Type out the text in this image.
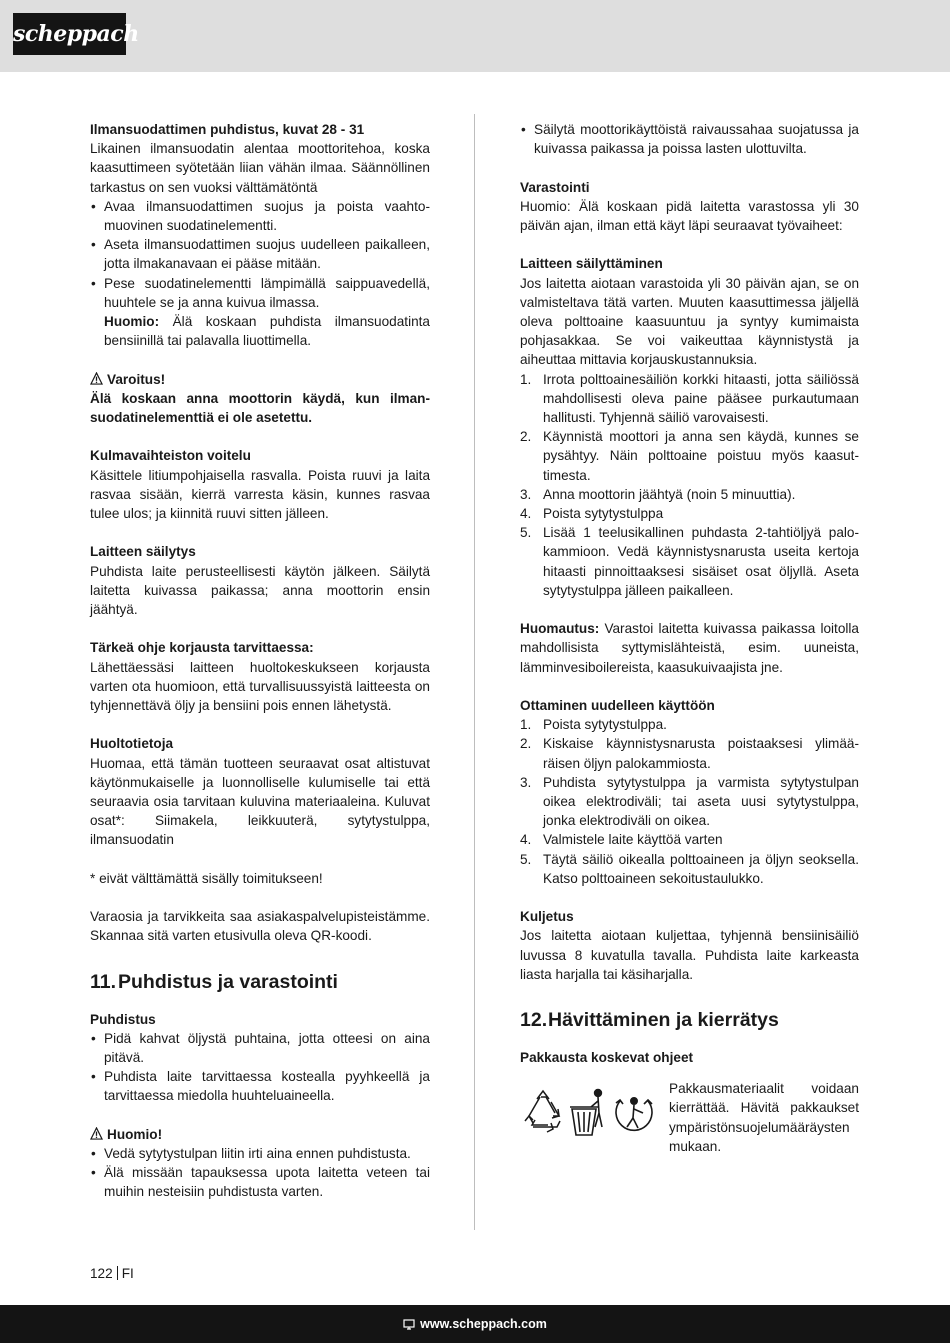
scheppach

Ilmansuodattimen puhdistus, kuvat 28 - 31

Likainen ilmansuodatin alentaa moottoritehoa, koska kaasuttimeen syötetään liian vähän ilmaa. Säännöllinen tarkastus on sen vuoksi välttämätöntä

• Avaa ilmansuodattimen suojus ja poista vaahtomuovinen suodatinelementti.
• Aseta ilmansuodattimen suojus uudelleen paikalleen, jotta ilmakanavaan ei pääse mitään.
• Pese suodatinelementti lämpimällä saippuavedellä, huuhtele se ja anna kuivua ilmassa.

Huomio: Älä koskaan puhdista ilmansuodatinta bensiinillä tai palavalla liuottimella.

Varoitus!

Älä koskaan anna moottorin käydä, kun ilmansuodatinelementtiä ei ole asetettu.

Kulmavaihteiston voitelu

Käsittele litiumpohjaisella rasvalla. Poista ruuvi ja laita rasvaa sisään, kierrä varresta käsin, kunnes rasvaa tulee ulos; ja kiinnitä ruuvi sitten jälleen.

Laitteen säilytys

Puhdista laite perusteellisesti käytön jälkeen. Säilytä laitetta kuivassa paikassa; anna moottorin ensin jäähtyä.

Tärkeä ohje korjausta tarvittaessa:

Lähettäessäsi laitteen huoltokeskukseen korjausta varten ota huomioon, että turvallisuussyistä laitteesta on tyhjennettävä öljy ja bensiini pois ennen lähetystä.

Huoltotietoja

Huomaa, että tämän tuotteen seuraavat osat altistuvat käytönmukaiselle ja luonnolliselle kulumiselle tai että seuraavia osia tarvitaan kuluvina materiaaleina. Kuluvat osat*: Siimakela, leikkuuterä, sytytystulppa, ilmansuodatin

* eivät välttämättä sisälly toimitukseen!

Varaosia ja tarvikkeita saa asiakaspalvelupisteistämme. Skannaa sitä varten etusivulla oleva QR-koodi.

11. Puhdistus ja varastointi

Puhdistus

• Pidä kahvat öljystä puhtaina, jotta otteesi on aina pitävä.
• Puhdista laite tarvittaessa kostealla pyyhkeellä ja tarvittaessa miedolla huuhteluaineella.

Huomio!

• Vedä sytytystulpan liitin irti aina ennen puhdistusta.
• Älä missään tapauksessa upota laitetta veteen tai muihin nesteisiin puhdistusta varten.
• Säilytä moottorikäyttöistä raivaussahaa suojatussa ja kuivassa paikassa ja poissa lasten ulottuvilta.

Varastointi

Huomio: Älä koskaan pidä laitetta varastossa yli 30 päivän ajan, ilman että käyt läpi seuraavat työvaiheet:

Laitteen säilyttäminen

Jos laitetta aiotaan varastoida yli 30 päivän ajan, se on valmisteltava tätä varten. Muuten kaasuttimessa jäljellä oleva polttoaine kaasuuntuu ja syntyy kumimaista pohjasakkaa. Se voi vaikeuttaa käynnistystä ja aiheuttaa mittavia korjauskustannuksia.

1. Irrota polttoainesäiliön korkki hitaasti, jotta säiliössä mahdollisesti oleva paine pääsee purkautumaan hallitusti. Tyhjennä säiliö varovaisesti.
2. Käynnistä moottori ja anna sen käydä, kunnes se pysähtyy. Näin polttoaine poistuu myös kaasuttimesta.
3. Anna moottorin jäähtyä (noin 5 minuuttia).
4. Poista sytytystulppa
5. Lisää 1 teelusikallinen puhdasta 2-tahtiöljyä palokammioon. Vedä käynnistysnarusta useita kertoja hitaasti pinnoittaaksesi sisäiset osat öljyllä. Aseta sytytystulppa jälleen paikalleen.

Huomautus: Varastoi laitetta kuivassa paikassa loitolla mahdollisista syttymislähteistä, esim. uuneista, lämminvesiboilereista, kaasukuivaajista jne.

Ottaminen uudelleen käyttöön

1. Poista sytytystulppa.
2. Kiskaise käynnistysnarusta poistaaksesi ylimääräisen öljyn palokammiosta.
3. Puhdista sytytystulppa ja varmista sytytystulpan oikea elektrodiväli; tai aseta uusi sytytystulppa, jonka elektrodiväli on oikea.
4. Valmistele laite käyttöä varten
5. Täytä säiliö oikealla polttoaineen ja öljyn seoksella. Katso polttoaineen sekoitustaulukko.

Kuljetus

Jos laitetta aiotaan kuljettaa, tyhjennä bensiinisäiliö luvussa 8 kuvatulla tavalla. Puhdista laite karkeasta liasta harjalla tai käsiharjalla.

12.Hävittäminen ja kierrätys

Pakkausta koskevat ohjeet

Pakkausmateriaalit voidaan kierrättää. Hävitä pakkaukset ympäristönsuojelumääräysten mukaan.

122 FI
www.scheppach.com
